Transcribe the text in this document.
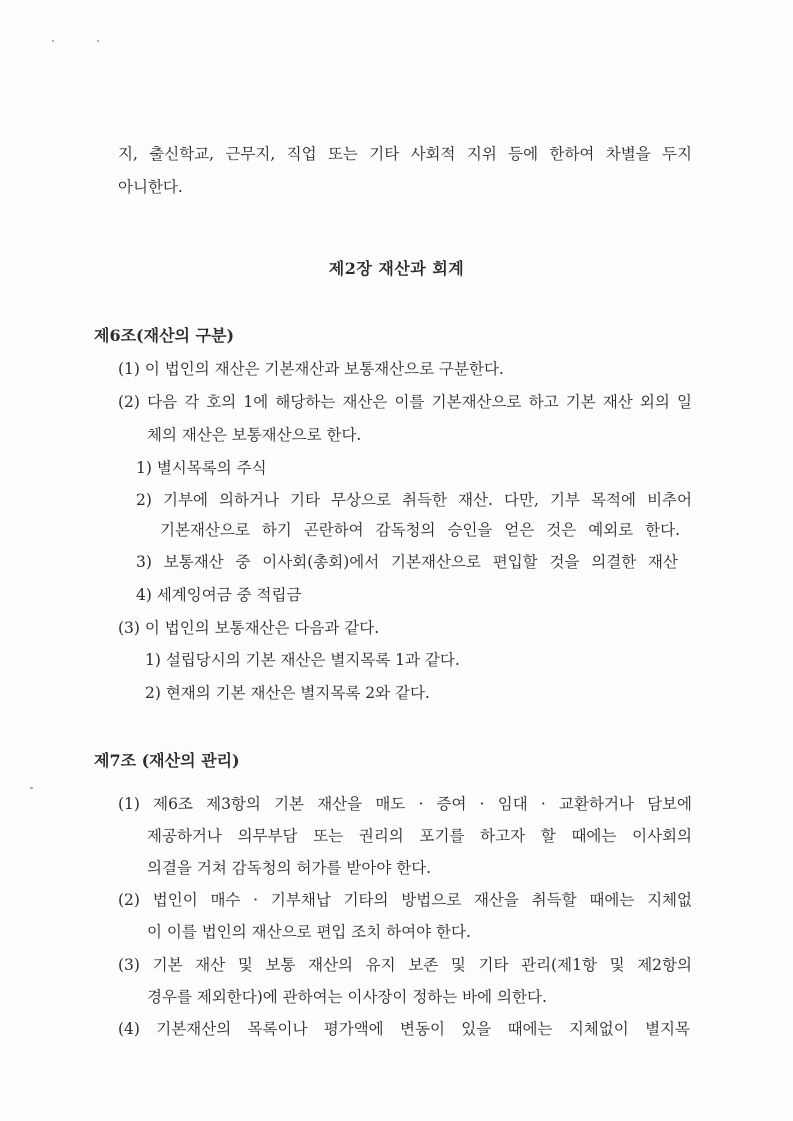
지, 출신학교, 근무지, 직업 또는 기타 사회적 지위 등에 한하여 차별을 두지
아니한다.
제2장 재산과 회계
제6조(재산의 구분)
(1) 이 법인의 재산은 기본재산과 보통재산으로 구분한다.
(2) 다음 각 호의 1에 해당하는 재산은 이를 기본재산으로 하고 기본 재산 외의 일
체의 재산은 보통재산으로 한다.
1) 별시목록의 주식
2) 기부에 의하거나 기타 무상으로 취득한 재산. 다만, 기부 목적에 비추어
기본재산으로 하기 곤란하여 감독청의 승인을 얻은 것은 예외로 한다.
3) 보통재산 중 이사회(총회)에서 기본재산으로 편입할 것을 의결한 재산
4) 세계잉여금 중 적립금
(3) 이 법인의 보통재산은 다음과 같다.
1) 설립당시의 기본 재산은 별지목록 1과 같다.
2) 현재의 기본 재산은 별지목록 2와 같다.
제7조 (재산의 관리)
(1) 제6조 제3항의 기본 재산을 매도 · 증여 · 임대 · 교환하거나 담보에
제공하거나 의무부담 또는 권리의 포기를 하고자 할 때에는 이사회의
의결을 거쳐 감독청의 허가를 받아야 한다.
(2) 법인이 매수 · 기부채납 기타의 방법으로 재산을 취득할 때에는 지체없
이 이를 법인의 재산으로 편입 조치 하여야 한다.
(3) 기본 재산 및 보통 재산의 유지 보존 및 기타 관리(제1항 및 제2항의
경우를 제외한다)에 관하여는 이사장이 정하는 바에 의한다.
(4) 기본재산의 목록이나 평가액에 변동이 있을 때에는 지체없이 별지목
